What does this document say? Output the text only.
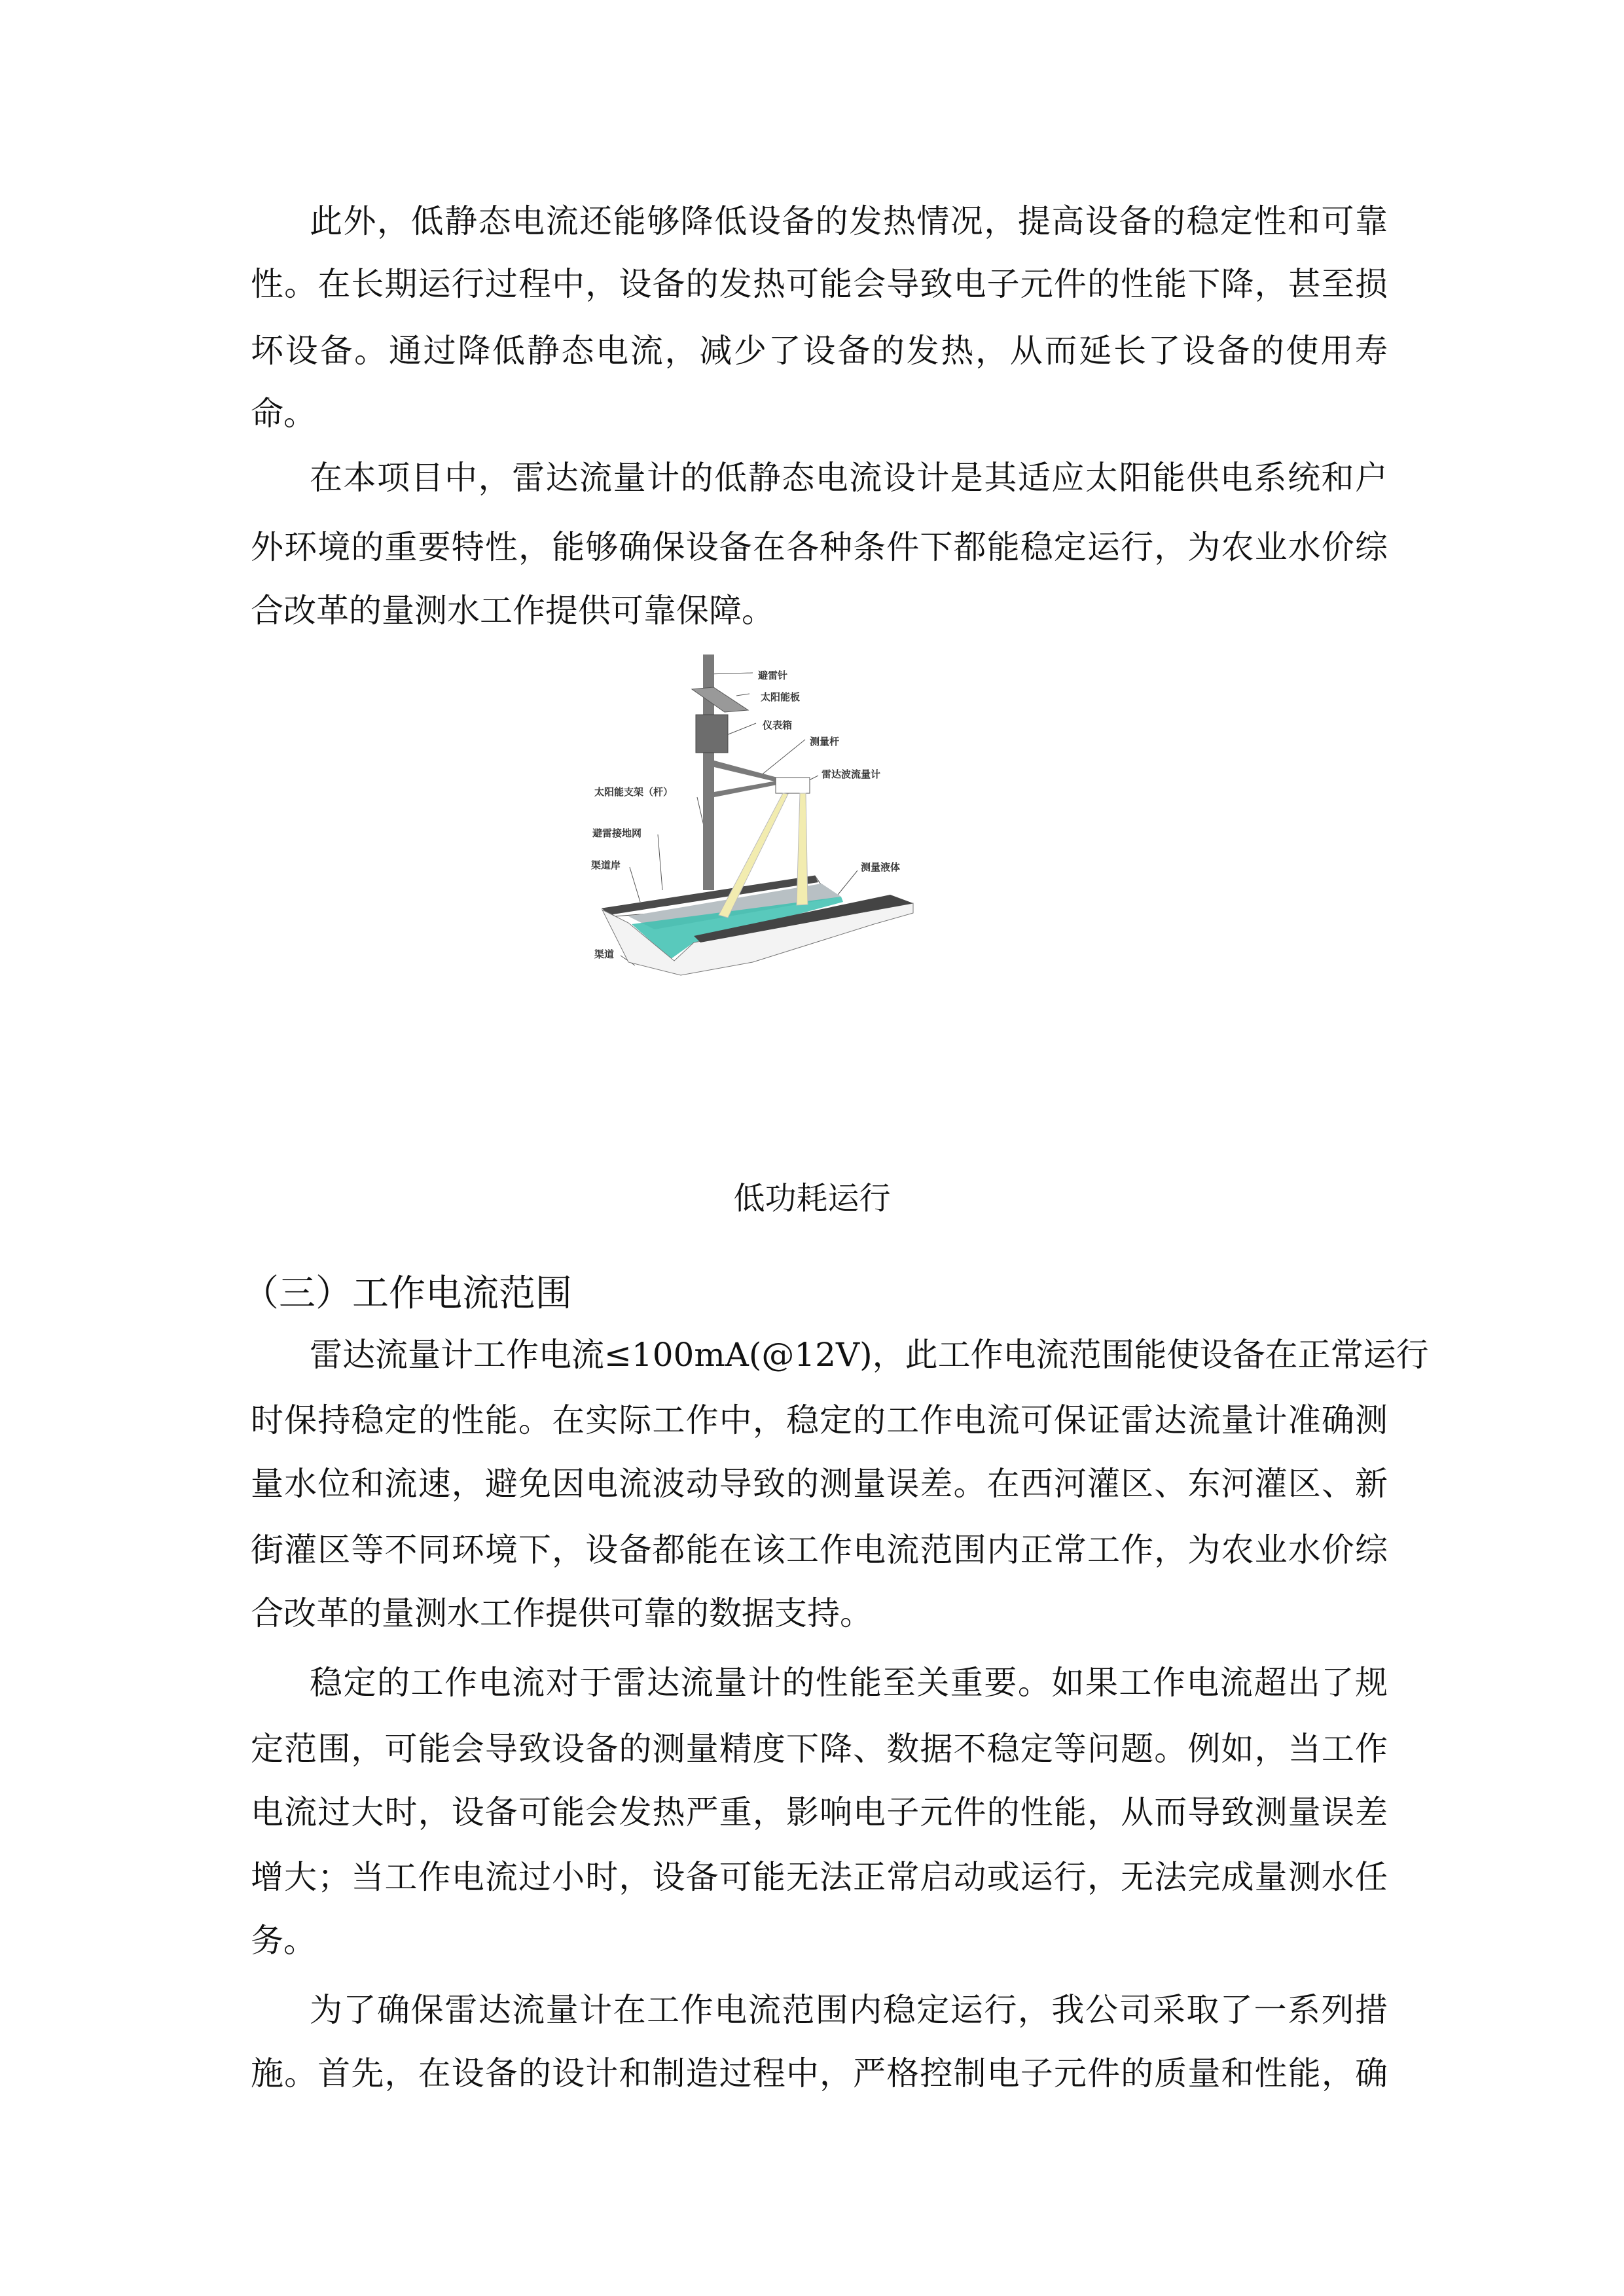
此外，低静态电流还能够降低设备的发热情况，提高设备的稳定性和可靠
性。在长期运行过程中，设备的发热可能会导致电子元件的性能下降，甚至损
坏设备。通过降低静态电流，减少了设备的发热，从而延长了设备的使用寿
命。
在本项目中，雷达流量计的低静态电流设计是其适应太阳能供电系统和户
外环境的重要特性，能够确保设备在各种条件下都能稳定运行，为农业水价综
合改革的量测水工作提供可靠保障。
避雷针
太阳能板
仪表箱
测量杆
雷达波流量计
太阳能支架（杆）
避雷接地网
渠道岸	测量液体
渠道
低功耗运行
（三）工作电流范围
雷达流量计工作电流≤100mA(@12V)，此工作电流范围能使设备在正常运行
时保持稳定的性能。在实际工作中，稳定的工作电流可保证雷达流量计准确测
量水位和流速，避免因电流波动导致的测量误差。在西河灌区、东河灌区、新
街灌区等不同环境下，设备都能在该工作电流范围内正常工作，为农业水价综
合改革的量测水工作提供可靠的数据支持。
稳定的工作电流对于雷达流量计的性能至关重要。如果工作电流超出了规
定范围，可能会导致设备的测量精度下降、数据不稳定等问题。例如，当工作
电流过大时，设备可能会发热严重，影响电子元件的性能，从而导致测量误差
增大；当工作电流过小时，设备可能无法正常启动或运行，无法完成量测水任
务。
为了确保雷达流量计在工作电流范围内稳定运行，我公司采取了一系列措
施。首先，在设备的设计和制造过程中，严格控制电子元件的质量和性能，确
